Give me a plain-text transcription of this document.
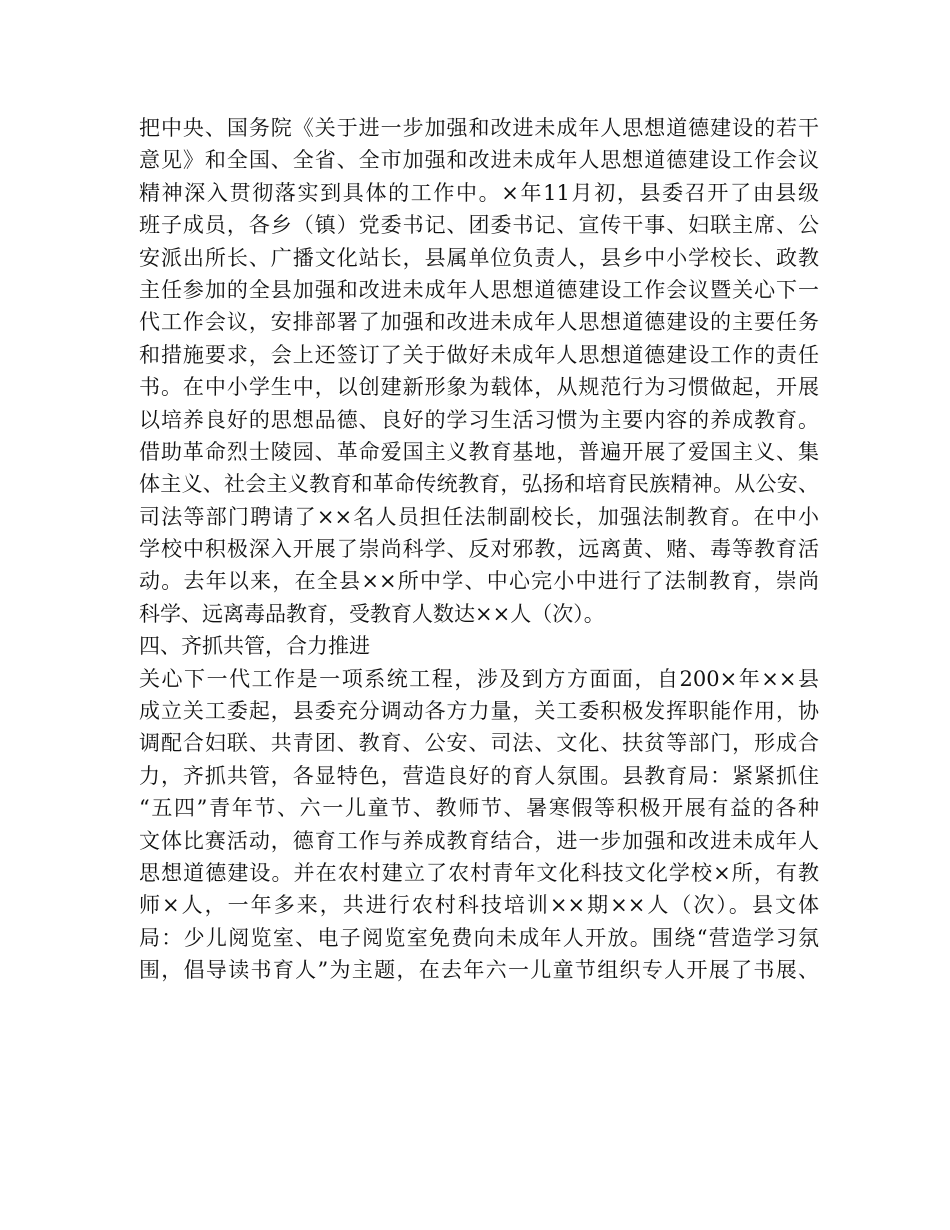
把中央、国务院《关于进一步加强和改进未成年人思想道德建设的若干
意见》和全国、全省、全市加强和改进未成年人思想道德建设工作会议
精神深入贯彻落实到具体的工作中。×年11月初，县委召开了由县级
班子成员，各乡（镇）党委书记、团委书记、宣传干事、妇联主席、公
安派出所长、广播文化站长，县属单位负责人，县乡中小学校长、政教
主任参加的全县加强和改进未成年人思想道德建设工作会议暨关心下一
代工作会议，安排部署了加强和改进未成年人思想道德建设的主要任务
和措施要求，会上还签订了关于做好未成年人思想道德建设工作的责任
书。在中小学生中，以创建新形象为载体，从规范行为习惯做起，开展
以培养良好的思想品德、良好的学习生活习惯为主要内容的养成教育。
借助革命烈士陵园、革命爱国主义教育基地，普遍开展了爱国主义、集
体主义、社会主义教育和革命传统教育，弘扬和培育民族精神。从公安、
司法等部门聘请了××名人员担任法制副校长，加强法制教育。在中小
学校中积极深入开展了崇尚科学、反对邪教，远离黄、赌、毒等教育活
动。去年以来，在全县××所中学、中心完小中进行了法制教育，崇尚
科学、远离毒品教育，受教育人数达××人（次）。
四、齐抓共管，合力推进
关心下一代工作是一项系统工程，涉及到方方面面，自200×年××县
成立关工委起，县委充分调动各方力量，关工委积极发挥职能作用，协
调配合妇联、共青团、教育、公安、司法、文化、扶贫等部门，形成合
力，齐抓共管，各显特色，营造良好的育人氛围。县教育局：紧紧抓住
“五四”青年节、六一儿童节、教师节、暑寒假等积极开展有益的各种
文体比赛活动，德育工作与养成教育结合，进一步加强和改进未成年人
思想道德建设。并在农村建立了农村青年文化科技文化学校×所，有教
师×人，一年多来，共进行农村科技培训××期××人（次）。县文体
局：少儿阅览室、电子阅览室免费向未成年人开放。围绕“营造学习氛
围，倡导读书育人”为主题，在去年六一儿童节组织专人开展了书展、
